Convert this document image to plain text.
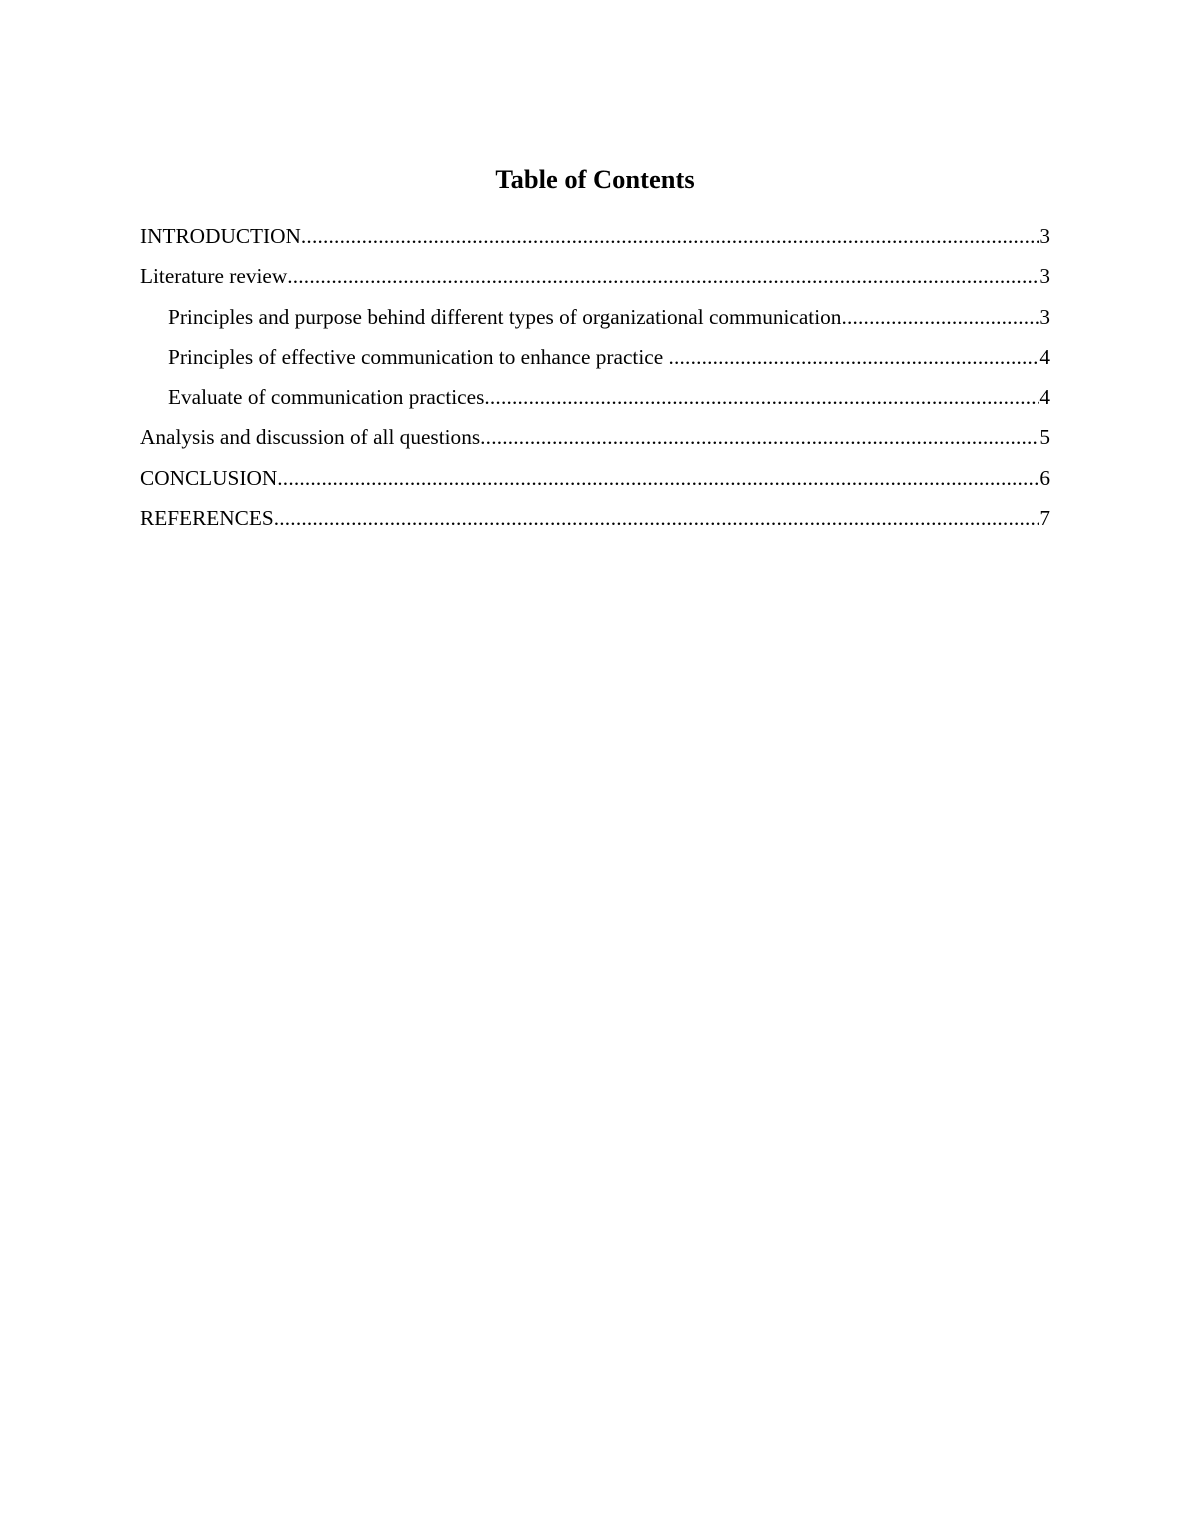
Table of Contents
INTRODUCTION .....	3
Literature review .....	3
Principles and purpose behind different types of organizational communication .....	3
Principles of effective communication to enhance practice .....	4
Evaluate of communication practices .....	4
Analysis and discussion of all questions .....	5
CONCLUSION .....	6
REFERENCES .....	7
